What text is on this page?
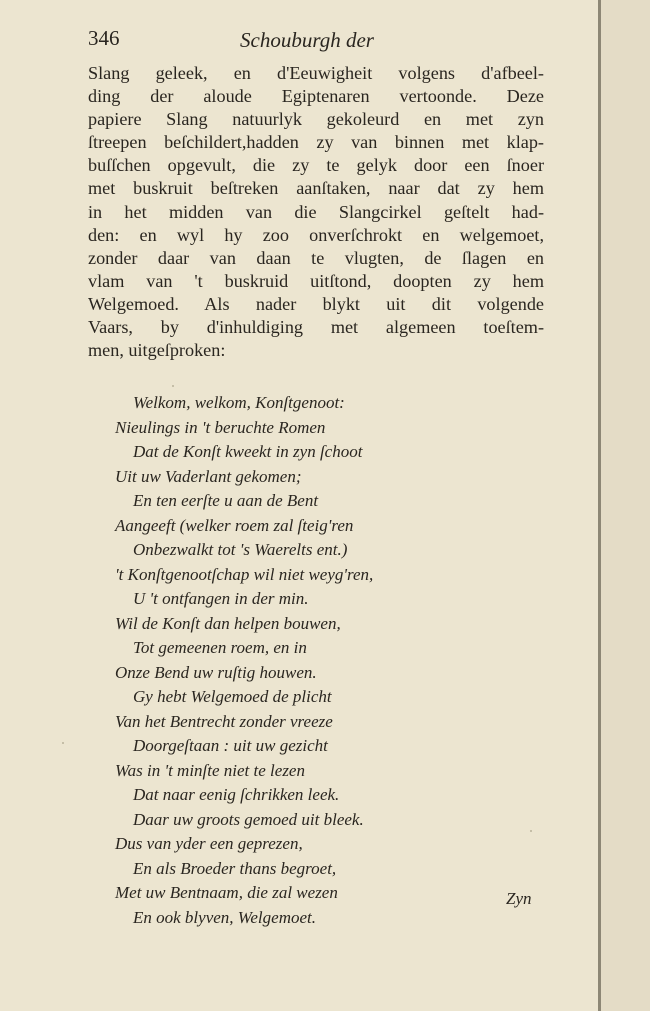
346	Schouburgh der
Slang geleek, en d'Eeuwigheit volgens d'afbeel-
ding der aloude Egiptenaren vertoonde. Deze
papiere Slang natuurlyk gekoleurd en met zyn
ſtreepen beſchildert,hadden zy van binnen met klap-
buſſchen opgevult, die zy te gelyk door een ſnoer
met buskruit beſtreken aanſtaken, naar dat zy hem
in het midden van die Slangcirkel geſtelt had-
den: en wyl hy zoo onverſchrokt en welgemoet,
zonder daar van daan te vlugten, de ſlagen en
vlam van 't buskruid uitſtond, doopten zy hem
Welgemoed. Als nader blykt uit dit volgende
Vaars, by d'inhuldiging met algemeen toeſtem-
men, uitgeſproken:
Welkom, welkom, Konſtgenoot:
Nieulings in 't beruchte Romen
Dat de Konſt kweekt in zyn ſchoot
Uit uw Vaderlant gekomen;
En ten eerſte u aan de Bent
Aangeeft (welker roem zal ſteig'ren
Onbezwalkt tot 's Waerelts ent.)
't Konſtgenootſchap wil niet weyg'ren,
U 't ontfangen in der min.
Wil de Konſt dan helpen bouwen,
Tot gemeenen roem, en in
Onze Bend uw ruſtig houwen.
Gy hebt Welgemoed de plicht
Van het Bentrecht zonder vreeze
Doorgeſtaan : uit uw gezicht
Was in 't minſte niet te lezen
Dat naar eenig ſchrikken leek.
Daar uw groots gemoed uit bleek.
Dus van yder een geprezen,
En als Broeder thans begroet,
Met uw Bentnaam, die zal wezen
En ook blyven, Welgemoet.
Zyn
